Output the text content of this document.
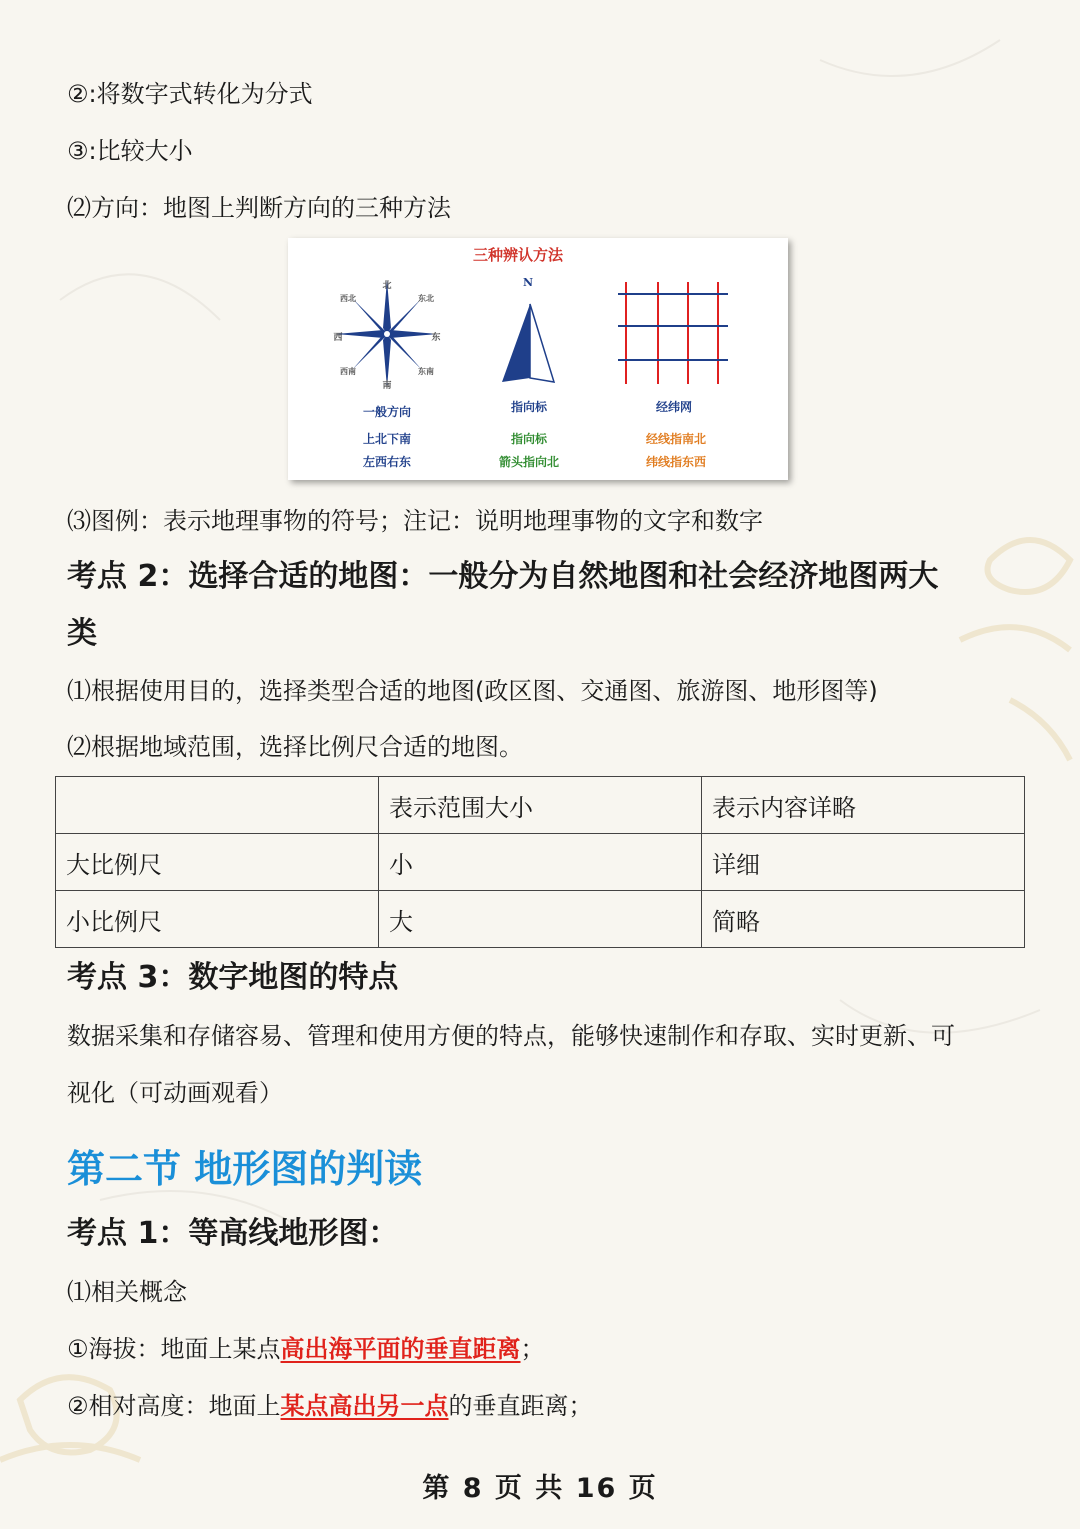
②:将数字式转化为分式
③:比较大小
⑵方向：地图上判断方向的三种方法
三种辨认方法
北
南
西	东
西北	东北
西南	东南
一般方向
上北下南
左西右东
N
指向标
指向标
箭头指向北
经纬网
经线指南北
纬线指东西
⑶图例：表示地理事物的符号；注记：说明地理事物的文字和数字
考点 2：选择合适的地图：一般分为自然地图和社会经济地图两大
类
⑴根据使用目的，选择类型合适的地图(政区图、交通图、旅游图、地形图等)
⑵根据地域范围，选择比例尺合适的地图。
	表示范围大小	表示内容详略
大比例尺	小	详细
小比例尺	大	简略
考点 3：数字地图的特点
数据采集和存储容易、管理和使用方便的特点，能够快速制作和存取、实时更新、可
视化（可动画观看）
第二节 地形图的判读
考点 1：等高线地形图：
⑴相关概念
①海拔：地面上某点高出海平面的垂直距离；
②相对高度：地面上某点高出另一点的垂直距离；
第 8 页 共 16 页
